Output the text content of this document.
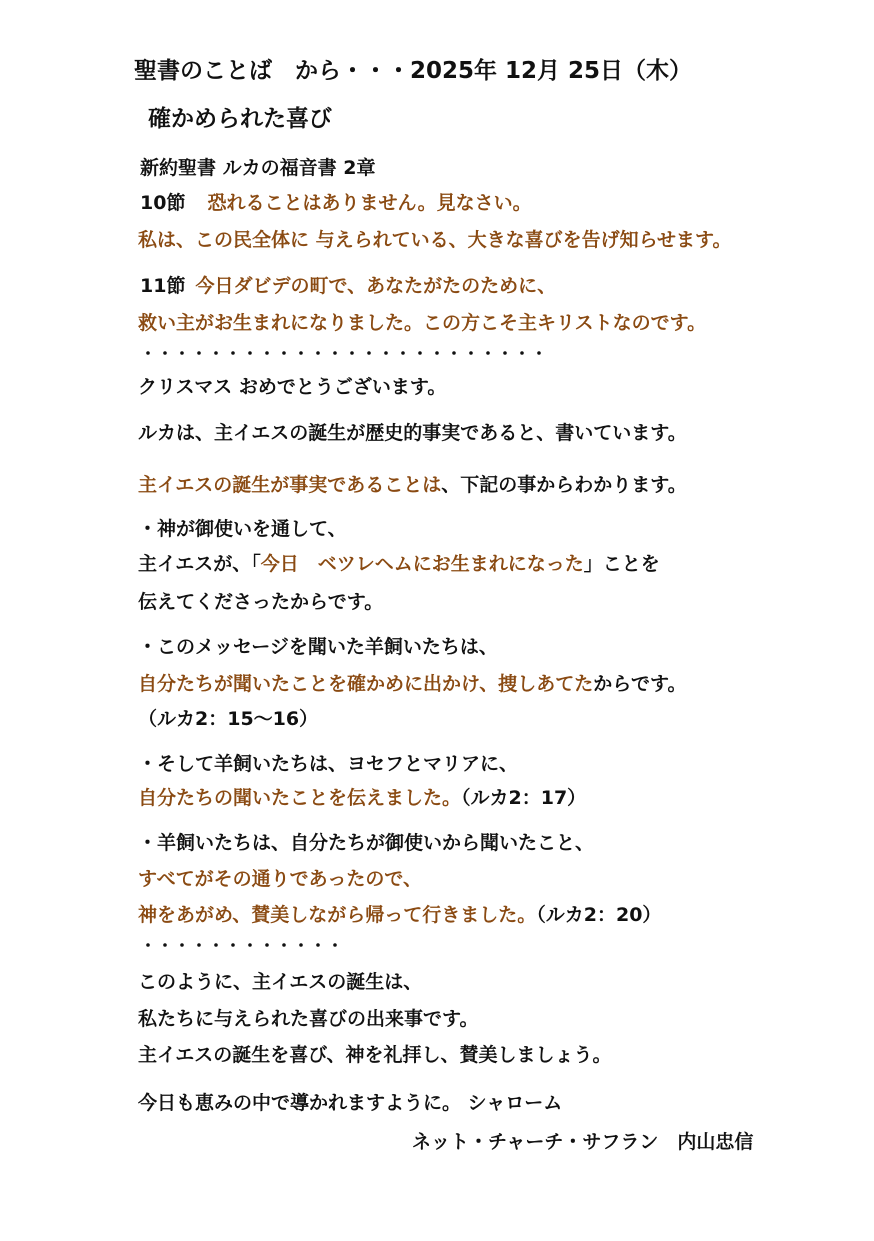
聖書のことば　から・・・2025年 12月 25日（木）
確かめられた喜び
新約聖書 ルカの福音書 2章
10節 恐れることはありません。見なさい。
私は、この民全体に 与えられている、大きな喜びを告げ知らせます。
11節 今日ダビデの町で、あなたがたのために、
救い主がお生まれになりました。この方こそ主キリストなのです。
・・・・・・・・・・・・・・・・・・・・・・・・
クリスマス おめでとうございます。
ルカは、主イエスの誕生が歴史的事実であると、書いています。
主イエスの誕生が事実であることは、下記の事からわかります。
・神が御使いを通して、
主イエスが、「今日　ベツレヘムにお生まれになった」ことを
伝えてくださったからです。
・このメッセージを聞いた羊飼いたちは、
自分たちが聞いたことを確かめに出かけ、捜しあてたからです。
（ルカ2：15～16）
・そして羊飼いたちは、ヨセフとマリアに、
自分たちの聞いたことを伝えました。（ルカ2：17）
・羊飼いたちは、自分たちが御使いから聞いたこと、
すべてがその通りであったので、
神をあがめ、賛美しながら帰って行きました。（ルカ2：20）
・・・・・・・・・・・・
このように、主イエスの誕生は、
私たちに与えられた喜びの出来事です。
主イエスの誕生を喜び、神を礼拝し、賛美しましょう。
今日も恵みの中で導かれますように。 シャローム
ネット・チャーチ・サフラン　内山忠信
